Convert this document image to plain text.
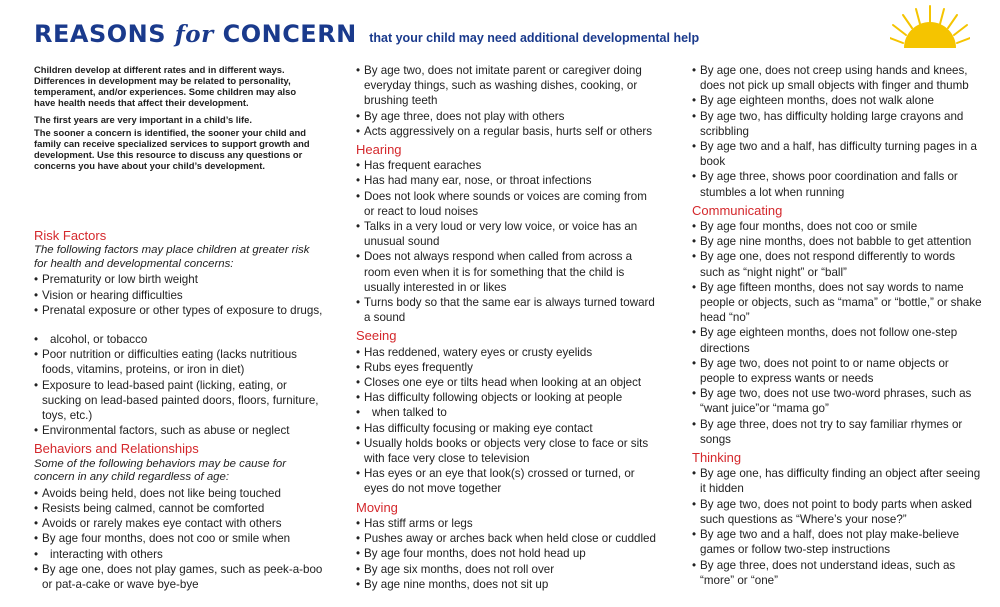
REASONS for CONCERN that your child may need additional developmental help

Children develop at different rates and in different ways. Differences in development may be related to personality, temperament, and/or experiences. Some children may also have health needs that affect their development.

The first years are very important in a child’s life.

The sooner a concern is identified, the sooner your child and family can receive specialized services to support growth and development. Use this resource to discuss any questions or concerns you have about your child’s development.

Risk Factors
The following factors may place children at greater risk for health and developmental concerns:
• Prematurity or low birth weight
• Vision or hearing difficulties
• Prenatal exposure or other types of exposure to drugs,
• alcohol, or tobacco
• Poor nutrition or difficulties eating (lacks nutritious foods, vitamins, proteins, or iron in diet)
• Exposure to lead-based paint (licking, eating, or sucking on lead-based painted doors, floors, furniture, toys, etc.)
• Environmental factors, such as abuse or neglect
Behaviors and Relationships
Some of the following behaviors may be cause for concern in any child regardless of age:
• Avoids being held, does not like being touched
• Resists being calmed, cannot be comforted
• Avoids or rarely makes eye contact with others
• By age four months, does not coo or smile when
• interacting with others
• By age one, does not play games, such as peek-a-boo or pat-a-cake or wave bye-bye
• By age two, does not imitate parent or caregiver doing everyday things, such as washing dishes, cooking, or brushing teeth
• By age three, does not play with others
• Acts aggressively on a regular basis, hurts self or others
Hearing
• Has frequent earaches
• Has had many ear, nose, or throat infections
• Does not look where sounds or voices are coming from or react to loud noises
• Talks in a very loud or very low voice, or voice has an unusual sound
• Does not always respond when called from across a room even when it is for something that the child is usually interested in or likes
• Turns body so that the same ear is always turned toward a sound
Seeing
• Has reddened, watery eyes or crusty eyelids
• Rubs eyes frequently
• Closes one eye or tilts head when looking at an object
• Has difficulty following objects or looking at people
• when talked to
• Has difficulty focusing or making eye contact
• Usually holds books or objects very close to face or sits with face very close to television
• Has eyes or an eye that look(s) crossed or turned, or eyes do not move together
Moving
• Has stiff arms or legs
• Pushes away or arches back when held close or cuddled
• By age four months, does not hold head up
• By age six months, does not roll over
• By age nine months, does not sit up
• By age one, does not creep using hands and knees, does not pick up small objects with finger and thumb
• By age eighteen months, does not walk alone
• By age two, has difficulty holding large crayons and scribbling
• By age two and a half, has difficulty turning pages in a book
• By age three, shows poor coordination and falls or stumbles a lot when running
Communicating
• By age four months, does not coo or smile
• By age nine months, does not babble to get attention
• By age one, does not respond differently to words such as “night night” or “ball”
• By age fifteen months, does not say words to name people or objects, such as “mama” or “bottle,” or shake head “no”
• By age eighteen months, does not follow one-step directions
• By age two, does not point to or name objects or people to express wants or needs
• By age two, does not use two-word phrases, such as “want juice”or “mama go”
• By age three, does not try to say familiar rhymes or songs
Thinking
• By age one, has difficulty finding an object after seeing it hidden
• By age two, does not point to body parts when asked such questions as “Where’s your nose?”
• By age two and a half, does not play make-believe games or follow two-step instructions
• By age three, does not understand ideas, such as “more” or “one”
